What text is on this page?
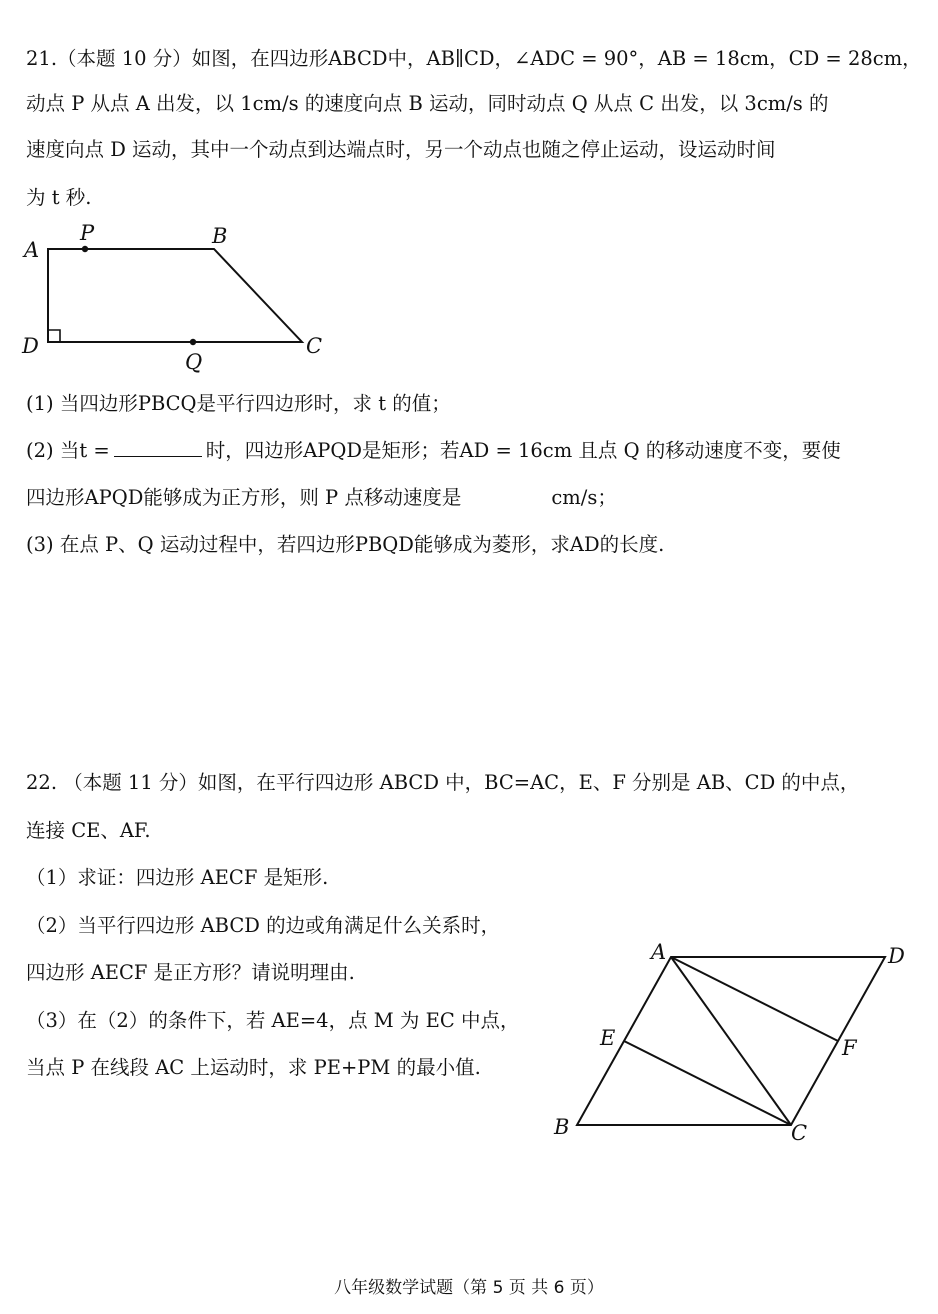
21.（本题 10 分）如图，在四边形ABCD中，AB∥CD，∠ADC = 90°，AB = 18cm，CD = 28cm，
动点 P 从点 A 出发，以 1cm/s 的速度向点 B 运动，同时动点 Q 从点 C 出发，以 3cm/s 的
速度向点 D 运动，其中一个动点到达端点时，另一个动点也随之停止运动，设运动时间
为 t 秒.
A
P	B
D
Q
C
A	D
E	F
B	C
(1) 当四边形PBCQ是平行四边形时，求 t 的值；
(2) 当t =	时，四边形APQD是矩形；若AD = 16cm 且点 Q 的移动速度不变，要使
四边形APQD能够成为正方形，则 P 点移动速度是	cm/s；
(3) 在点 P、Q 运动过程中，若四边形PBQD能够成为菱形，求AD的长度.
22. （本题 11 分）如图，在平行四边形 ABCD 中，BC=AC，E、F 分别是 AB、CD 的中点，
连接 CE、AF.
（1）求证：四边形 AECF 是矩形.
（2）当平行四边形 ABCD 的边或角满足什么关系时，
四边形 AECF 是正方形？请说明理由.
（3）在（2）的条件下，若 AE=4，点 M 为 EC 中点，
当点 P 在线段 AC 上运动时，求 PE+PM 的最小值.
八年级数学试题（第 5 页 共 6 页）
